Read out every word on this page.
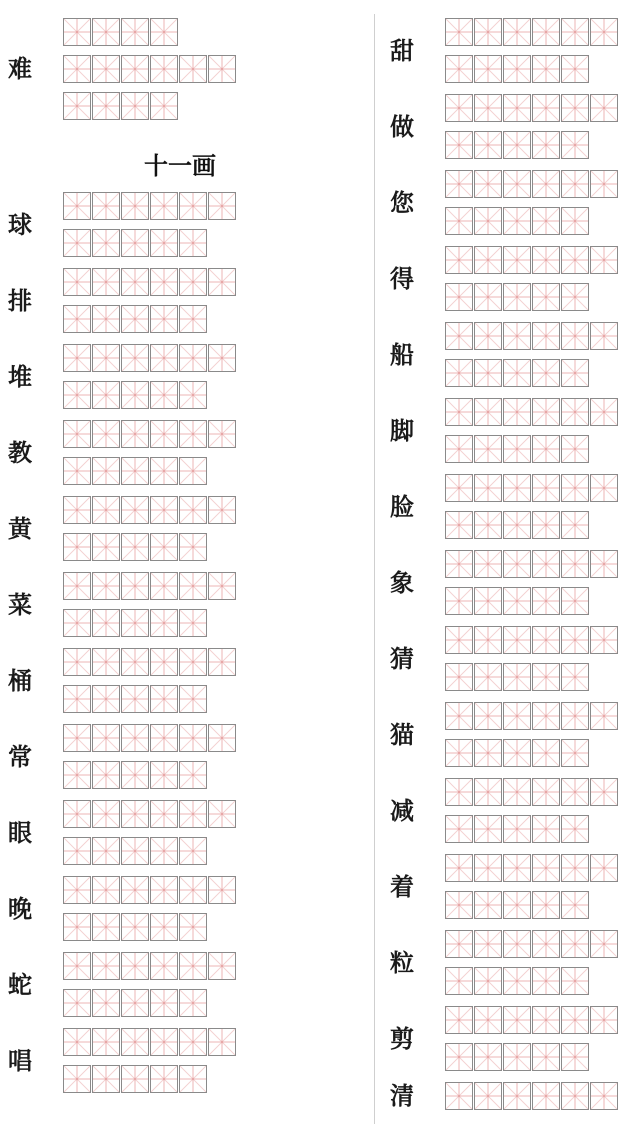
十一画
难
球
排
堆
教
黄
菜
桶
常
眼
晚
蛇
唱
甜
做
您
得
船
脚
脸
象
猜
猫
减
着
粒
剪
清
